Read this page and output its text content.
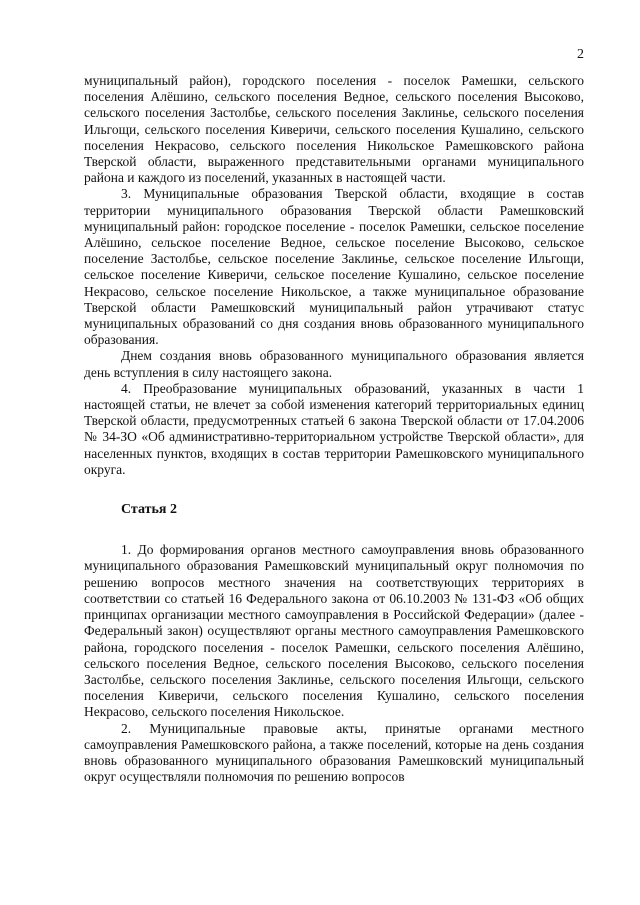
2

муниципальный район), городского поселения - поселок Рамешки, сельского поселения Алёшино, сельского поселения Ведное, сельского поселения Высоково, сельского поселения Застолбье, сельского поселения Заклинье, сельского поселения Ильгощи, сельского поселения Киверичи, сельского поселения Кушалино, сельского поселения Некрасово, сельского поселения Никольское Рамешковского района Тверской области, выраженного представительными органами муниципального района и каждого из поселений, указанных в настоящей части.

3. Муниципальные образования Тверской области, входящие в состав территории муниципального образования Тверской области Рамешковский муниципальный район: городское поселение - поселок Рамешки, сельское поселение Алёшино, сельское поселение Ведное, сельское поселение Высоково, сельское поселение Застолбье, сельское поселение Заклинье, сельское поселение Ильгощи, сельское поселение Киверичи, сельское поселение Кушалино, сельское поселение Некрасово, сельское поселение Никольское, а также муниципальное образование Тверской области Рамешковский муниципальный район утрачивают статус муниципальных образований со дня создания вновь образованного муниципального образования.

Днем создания вновь образованного муниципального образования является день вступления в силу настоящего закона.

4. Преобразование муниципальных образований, указанных в части 1 настоящей статьи, не влечет за собой изменения категорий территориальных единиц Тверской области, предусмотренных статьей 6 закона Тверской области от 17.04.2006 № 34-ЗО «Об административно-территориальном устройстве Тверской области», для населенных пунктов, входящих в состав территории Рамешковского муниципального округа.

Статья 2

1. До формирования органов местного самоуправления вновь образованного муниципального образования Рамешковский муниципальный округ полномочия по решению вопросов местного значения на соответствующих территориях в соответствии со статьей 16 Федерального закона от 06.10.2003 № 131-ФЗ «Об общих принципах организации местного самоуправления в Российской Федерации» (далее - Федеральный закон) осуществляют органы местного самоуправления Рамешковского района, городского поселения - поселок Рамешки, сельского поселения Алёшино, сельского поселения Ведное, сельского поселения Высоково, сельского поселения Застолбье, сельского поселения Заклинье, сельского поселения Ильгощи, сельского поселения Киверичи, сельского поселения Кушалино, сельского поселения Некрасово, сельского поселения Никольское.

2. Муниципальные правовые акты, принятые органами местного самоуправления Рамешковского района, а также поселений, которые на день создания вновь образованного муниципального образования Рамешковский муниципальный округ осуществляли полномочия по решению вопросов
